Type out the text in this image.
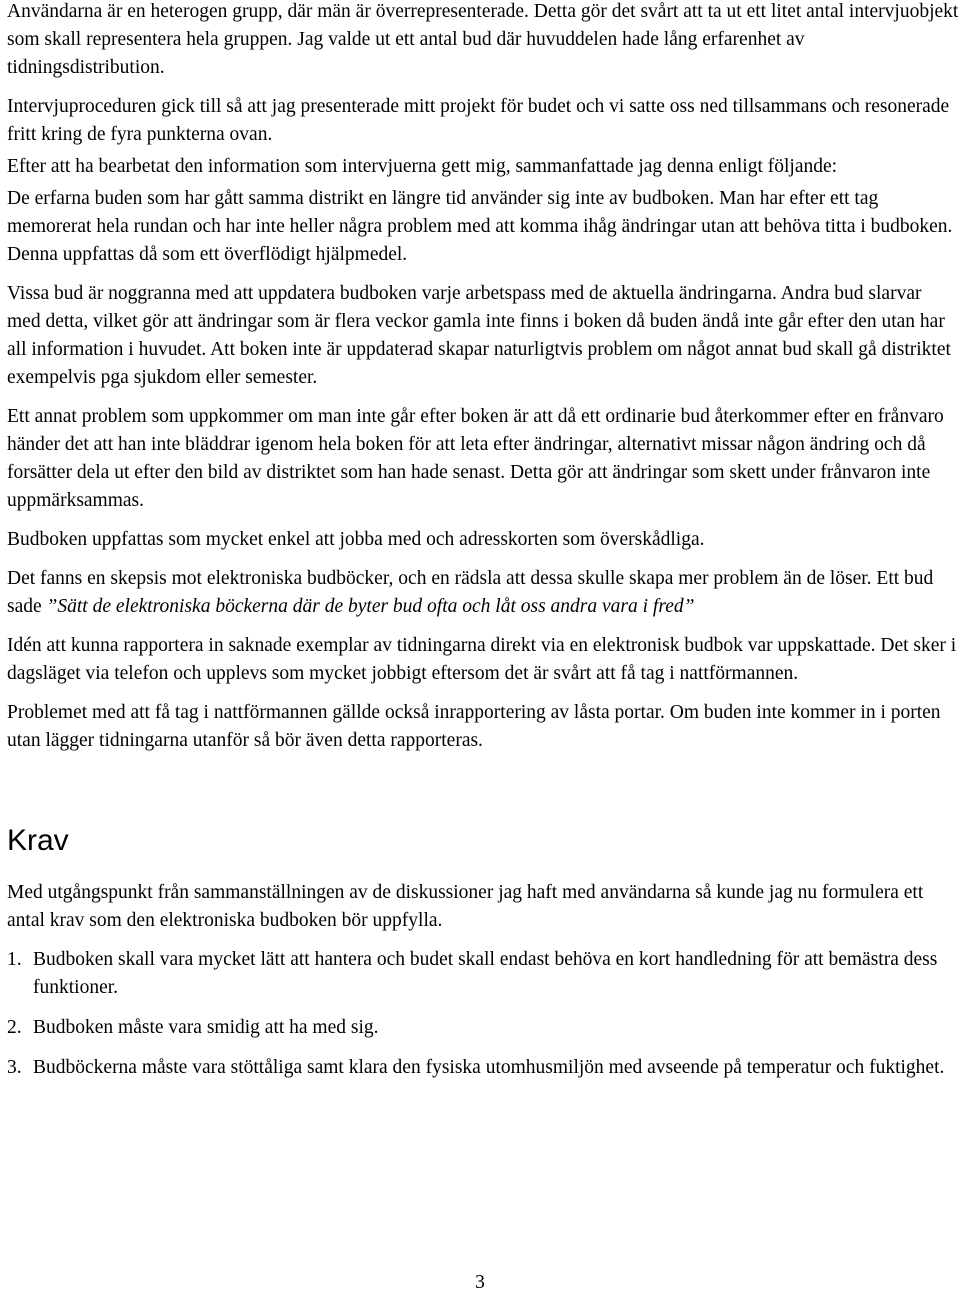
Användarna är en heterogen grupp, där män är överrepresenterade. Detta gör det svårt att ta ut ett litet antal intervjuobjekt som skall representera hela gruppen. Jag valde ut ett antal bud där huvuddelen hade lång erfarenhet av tidningsdistribution.

Intervjuproceduren gick till så att jag presenterade mitt projekt för budet och vi satte oss ned tillsammans och resonerade fritt kring de fyra punkterna ovan.

Efter att ha bearbetat den information som intervjuerna gett mig, sammanfattade jag denna enligt följande:

De erfarna buden som har gått samma distrikt en längre tid använder sig inte av budboken. Man har efter ett tag memorerat hela rundan och har inte heller några problem med att komma ihåg ändringar utan att behöva titta i budboken. Denna uppfattas då som ett överflödigt hjälpmedel.

Vissa bud är noggranna med att uppdatera budboken varje arbetspass med de aktuella ändringarna. Andra bud slarvar med detta, vilket gör att ändringar som är flera veckor gamla inte finns i boken då buden ändå inte går efter den utan har all information i huvudet. Att boken inte är uppdaterad skapar naturligtvis problem om något annat bud skall gå distriktet exempelvis pga sjukdom eller semester.

Ett annat problem som uppkommer om man inte går efter boken är att då ett ordinarie bud återkommer efter en frånvaro händer det att han inte bläddrar igenom hela boken för att leta efter ändringar, alternativt missar någon ändring och då forsätter dela ut efter den bild av distriktet som han hade senast. Detta gör att ändringar som skett under frånvaron inte uppmärksammas.

Budboken uppfattas som mycket enkel att jobba med och adresskorten som överskådliga.

Det fanns en skepsis mot elektroniska budböcker, och en rädsla att dessa skulle skapa mer problem än de löser. Ett bud sade ”Sätt de elektroniska böckerna där de byter bud ofta och låt oss andra vara i fred”

Idén att kunna rapportera in saknade exemplar av tidningarna direkt via en elektronisk budbok var uppskattade. Det sker i dagsläget via telefon och upplevs som mycket jobbigt eftersom det är svårt att få tag i nattförmannen.

Problemet med att få tag i nattförmannen gällde också inrapportering av låsta portar. Om buden inte kommer in i porten utan lägger tidningarna utanför så bör även detta rapporteras.

Krav

Med utgångspunkt från sammanställningen av de diskussioner jag haft med användarna så kunde jag nu formulera ett antal krav som den elektroniska budboken bör uppfylla.

1. Budboken skall vara mycket lätt att hantera och budet skall endast behöva en kort handledning för att bemästra dess funktioner.
2. Budboken måste vara smidig att ha med sig.
3. Budböckerna måste vara stöttåliga samt klara den fysiska utomhusmiljön med avseende på temperatur och fuktighet.
3
